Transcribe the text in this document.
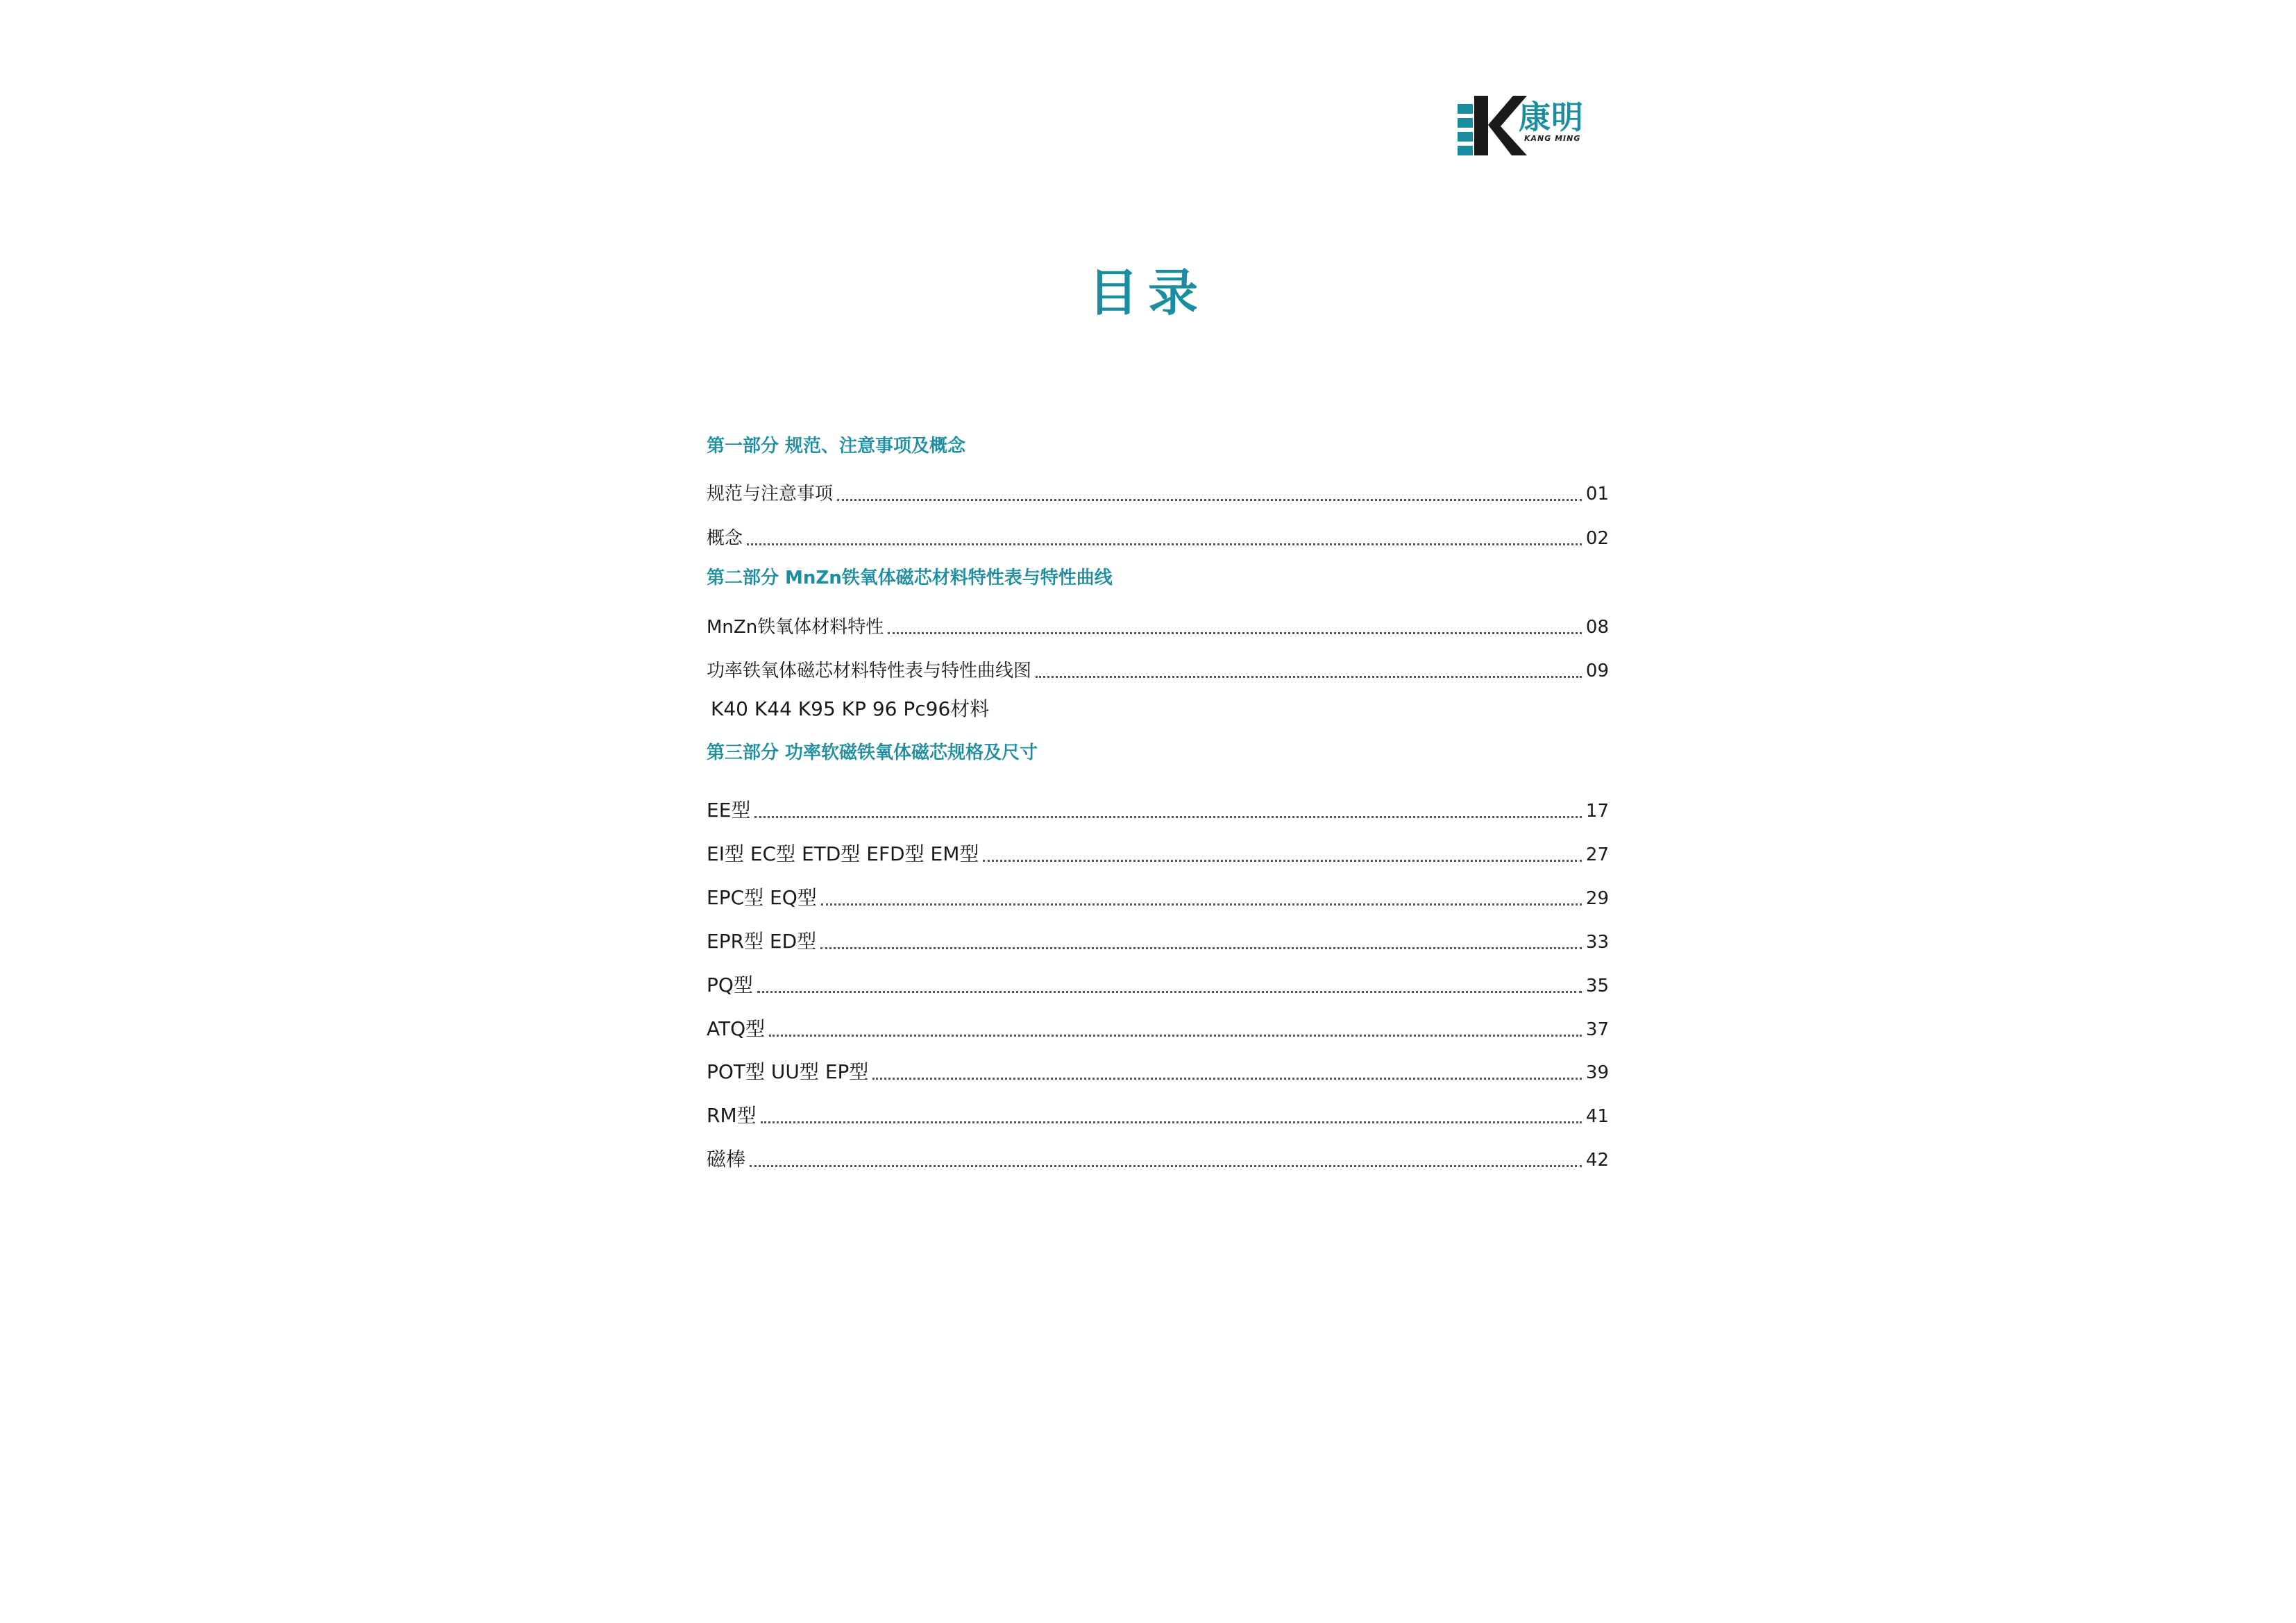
康明
KANG MING
目录
第一部分 规范、注意事项及概念
规范与注意事项	01
概念	02
第二部分 MnZn铁氧体磁芯材料特性表与特性曲线
MnZn铁氧体材料特性	08
功率铁氧体磁芯材料特性表与特性曲线图	09
K40 K44 K95 KP 96 Pc96材料
第三部分 功率软磁铁氧体磁芯规格及尺寸
EE型	17
EI型 EC型 ETD型 EFD型 EM型	27
EPC型 EQ型	29
EPR型 ED型	33
PQ型	35
ATQ型	37
POT型 UU型 EP型	39
RM型	41
磁棒	42
